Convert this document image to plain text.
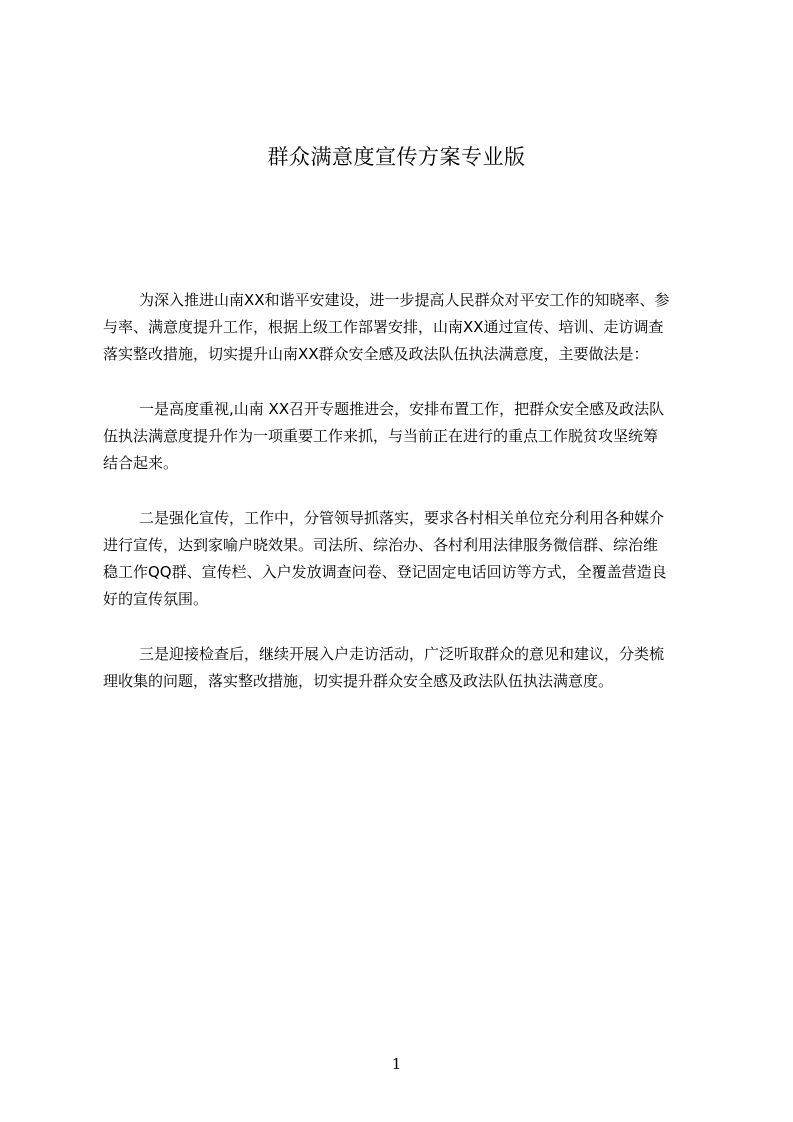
群众满意度宣传方案专业版
为深入推进山南XX和谐平安建设，进一步提高人民群众对平安工作的知晓率、参
与率、满意度提升工作，根据上级工作部署安排，山南XX通过宣传、培训、走访调查
落实整改措施，切实提升山南XX群众安全感及政法队伍执法满意度，主要做法是：
一是高度重视,山南 XX召开专题推进会，安排布置工作，把群众安全感及政法队
伍执法满意度提升作为一项重要工作来抓，与当前正在进行的重点工作脱贫攻坚统筹
结合起来。
二是强化宣传，工作中，分管领导抓落实，要求各村相关单位充分利用各种媒介
进行宣传，达到家喻户晓效果。司法所、综治办、各村利用法律服务微信群、综治维
稳工作QQ群、宣传栏、入户发放调查问卷、登记固定电话回访等方式，全覆盖营造良
好的宣传氛围。
三是迎接检查后，继续开展入户走访活动，广泛听取群众的意见和建议，分类梳
理收集的问题，落实整改措施，切实提升群众安全感及政法队伍执法满意度。
1
